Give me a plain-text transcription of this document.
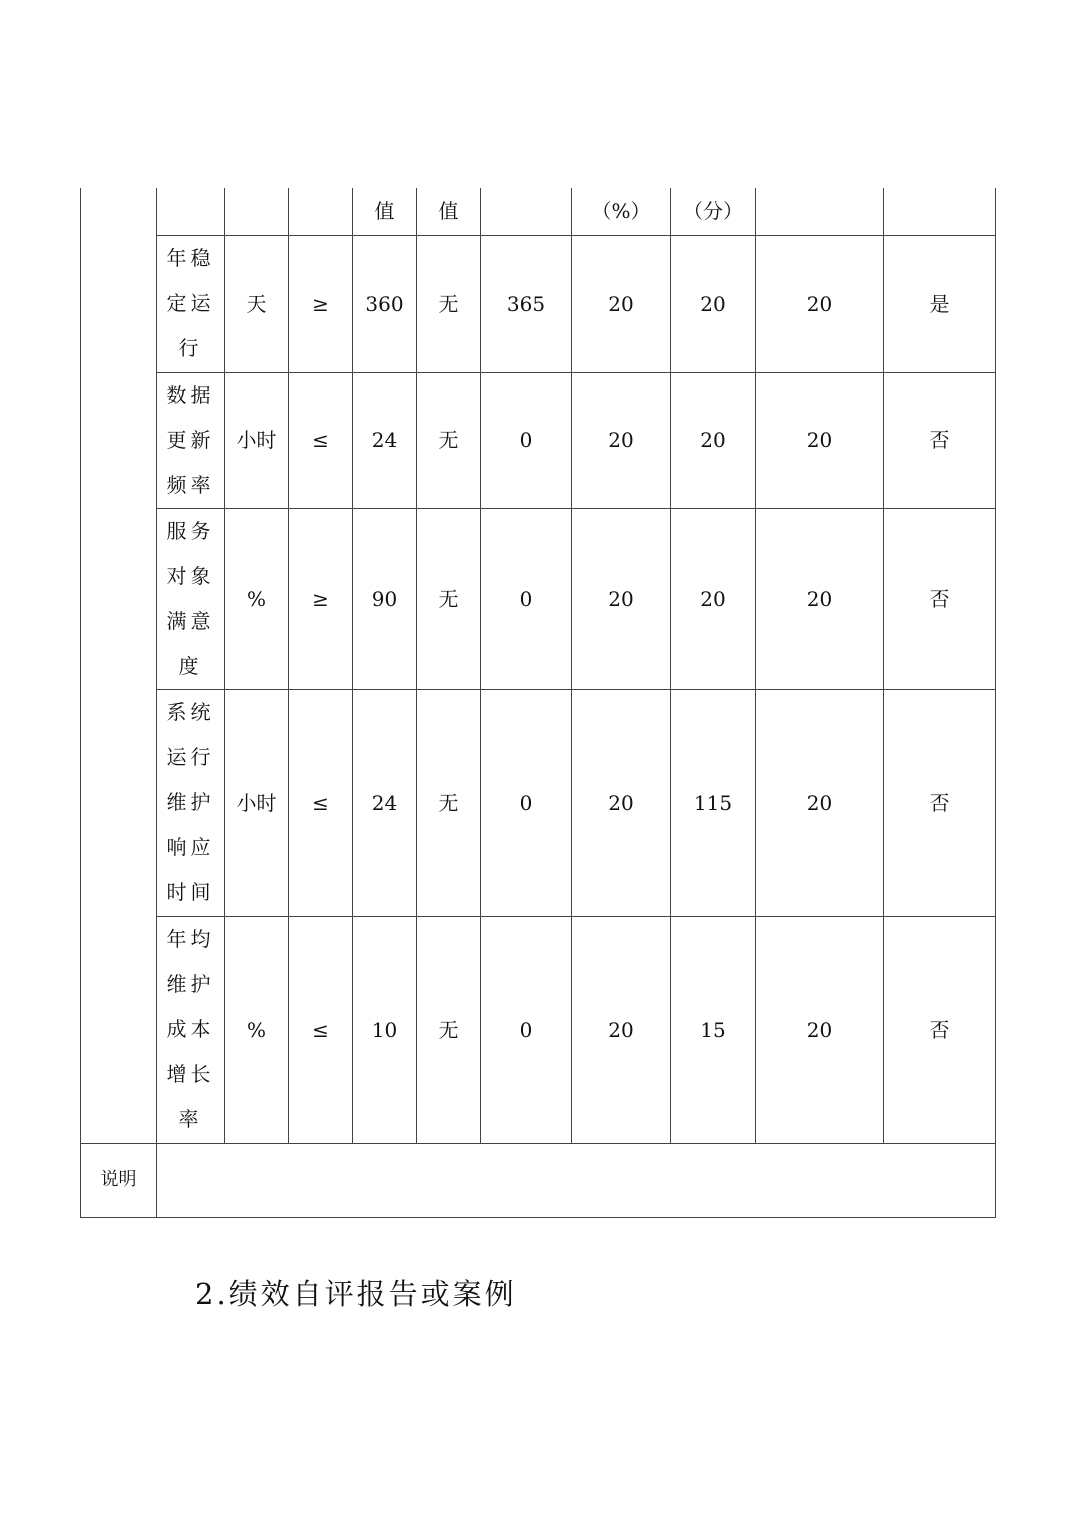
				值	值		（%）	（分）		

	年稳
定运
行	天	≥	360	无	365	20	20	20	是

	数据
更新
频率	小时	≤	24	无	0	20	20	20	否

	服务
对象
满意
度	%	≥	90	无	0	20	20	20	否

	系统
运行
维护
响应
时间	小时	≤	24	无	0	20	115	20	否

	年均
维护
成本
增长
率	%	≤	10	无	0	20	15	20	否
说明										
2.绩效自评报告或案例
